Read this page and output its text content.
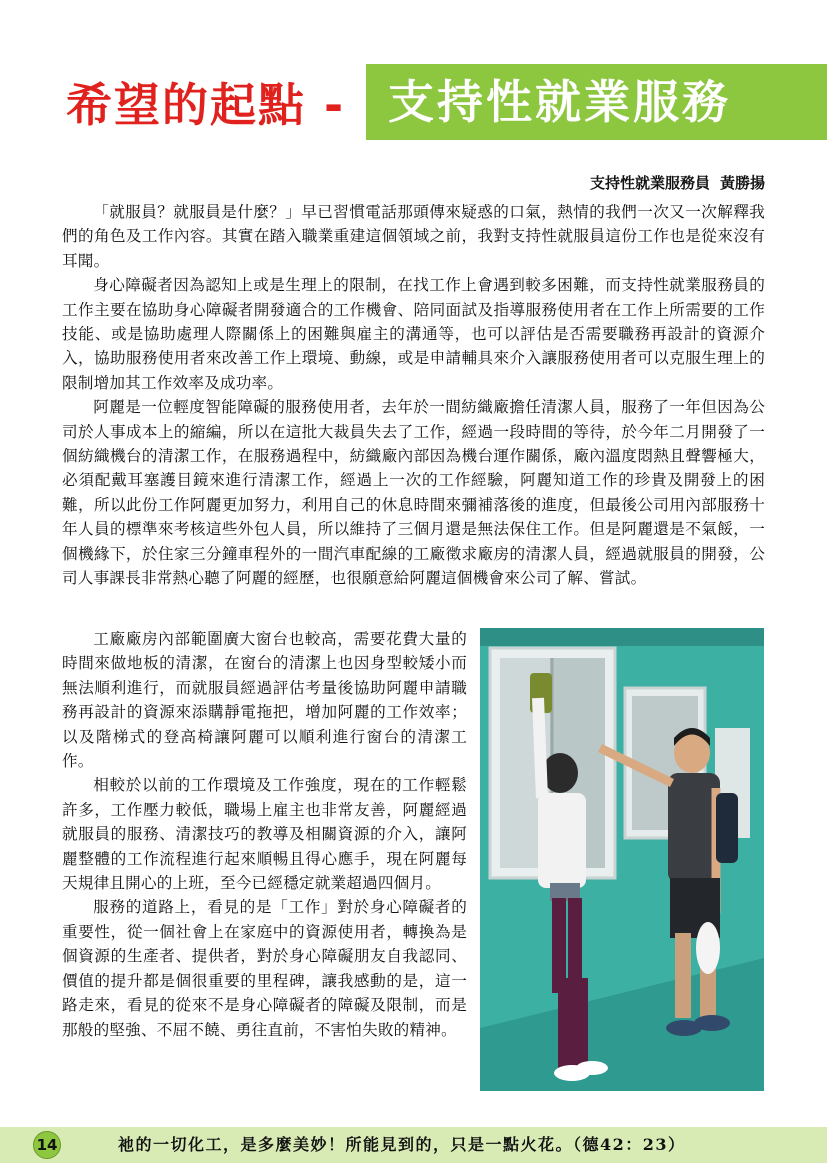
希望的起點 - 支持性就業服務
支持性就業服務員 黃勝揚

「就服員？就服員是什麼？」早已習慣電話那頭傳來疑惑的口氣，熱情的我們一次又一次解釋我們的角色及工作內容。其實在踏入職業重建這個領域之前，我對支持性就服員這份工作也是從來沒有耳聞。

身心障礙者因為認知上或是生理上的限制，在找工作上會遇到較多困難，而支持性就業服務員的工作主要在協助身心障礙者開發適合的工作機會、陪同面試及指導服務使用者在工作上所需要的工作技能、或是協助處理人際關係上的困難與雇主的溝通等，也可以評估是否需要職務再設計的資源介入，協助服務使用者來改善工作上環境、動線，或是申請輔具來介入讓服務使用者可以克服生理上的限制增加其工作效率及成功率。

阿麗是一位輕度智能障礙的服務使用者，去年於一間紡織廠擔任清潔人員，服務了一年但因為公司於人事成本上的縮編，所以在這批大裁員失去了工作，經過一段時間的等待，於今年二月開發了一個紡織機台的清潔工作，在服務過程中，紡織廠內部因為機台運作關係，廠內溫度悶熱且聲響極大，必須配戴耳塞護目鏡來進行清潔工作，經過上一次的工作經驗，阿麗知道工作的珍貴及開發上的困難，所以此份工作阿麗更加努力，利用自己的休息時間來彌補落後的進度，但最後公司用內部服務十年人員的標準來考核這些外包人員，所以維持了三個月還是無法保住工作。但是阿麗還是不氣餒，一個機緣下，於住家三分鐘車程外的一間汽車配線的工廠徵求廠房的清潔人員，經過就服員的開發，公司人事課長非常熱心聽了阿麗的經歷，也很願意給阿麗這個機會來公司了解、嘗試。

工廠廠房內部範圍廣大窗台也較高，需要花費大量的時間來做地板的清潔，在窗台的清潔上也因身型較矮小而無法順利進行，而就服員經過評估考量後協助阿麗申請職務再設計的資源來添購靜電拖把，增加阿麗的工作效率；以及階梯式的登高椅讓阿麗可以順利進行窗台的清潔工作。

相較於以前的工作環境及工作強度，現在的工作輕鬆許多，工作壓力較低，職場上雇主也非常友善，阿麗經過就服員的服務、清潔技巧的教導及相關資源的介入，讓阿麗整體的工作流程進行起來順暢且得心應手，現在阿麗每天規律且開心的上班，至今已經穩定就業超過四個月。

服務的道路上，看見的是「工作」對於身心障礙者的重要性，從一個社會上在家庭中的資源使用者，轉換為是個資源的生產者、提供者，對於身心障礙朋友自我認同、價值的提升都是個很重要的里程碑，讓我感動的是，這一路走來，看見的從來不是身心障礙者的障礙及限制，而是那般的堅強、不屈不饒、勇往直前，不害怕失敗的精神。

14	祂的一切化工，是多麼美妙！所能見到的，只是一點火花。（德42：23）
